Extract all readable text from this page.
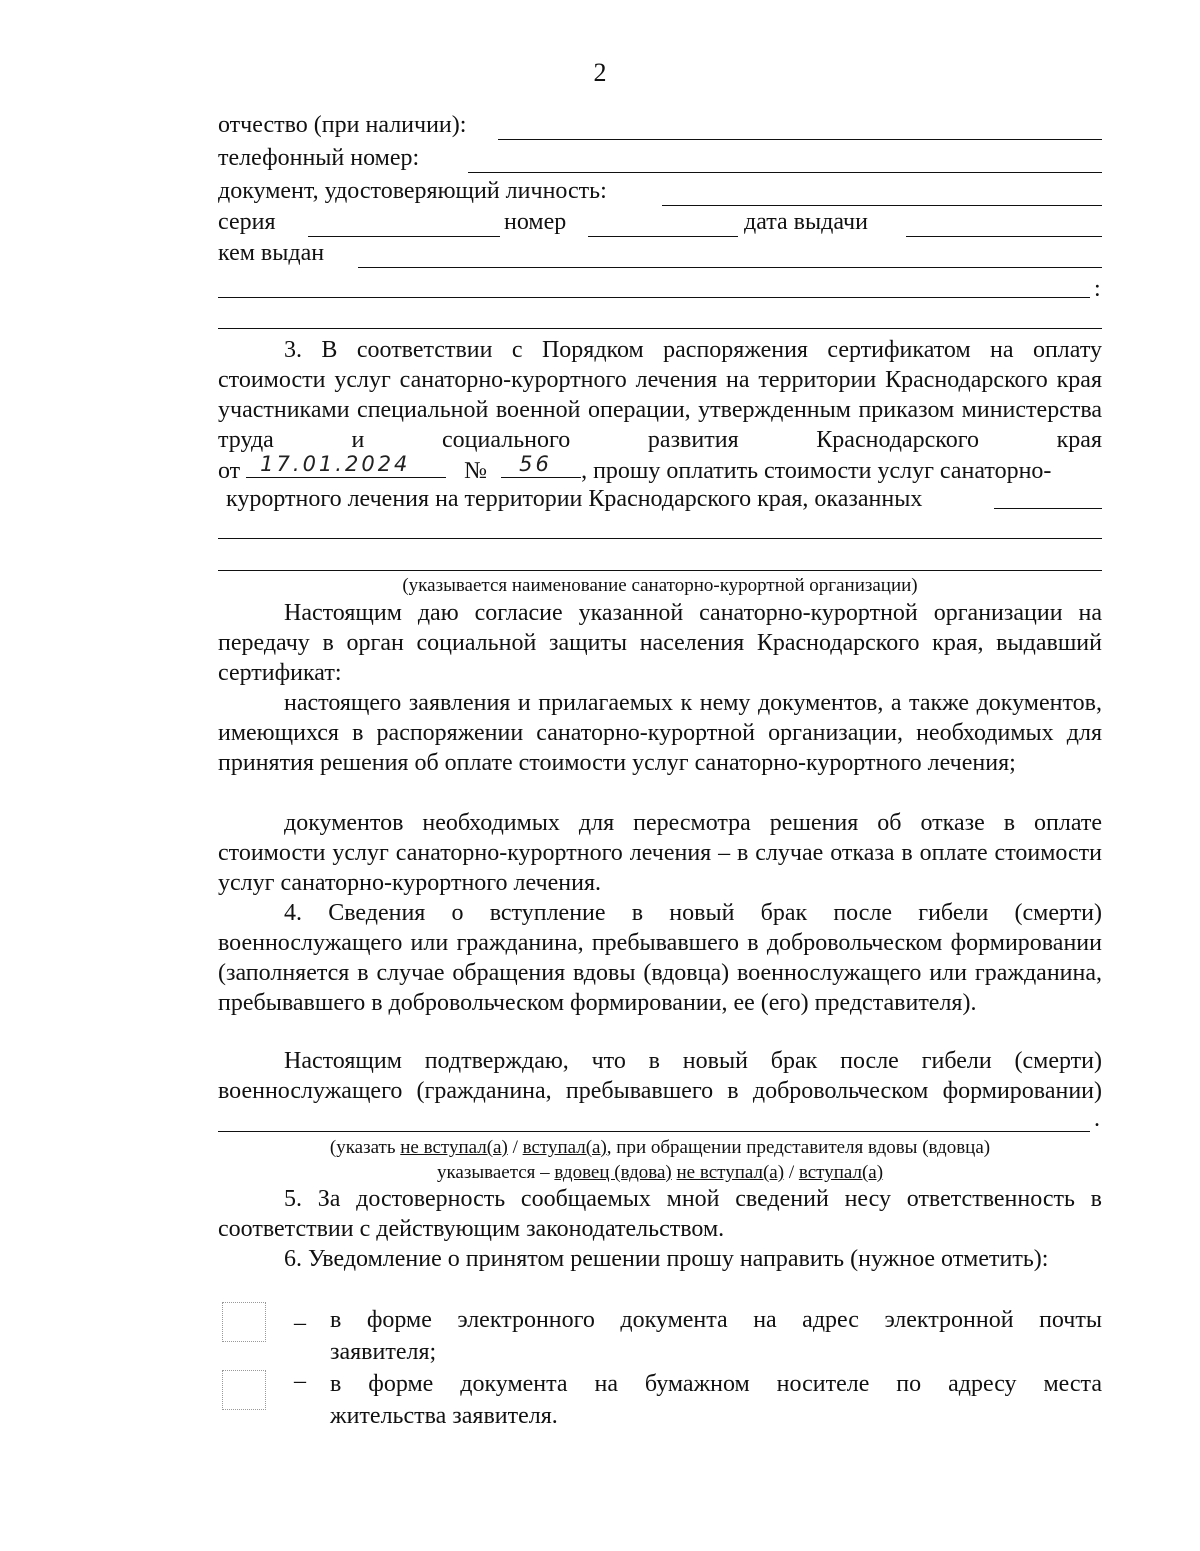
2
отчество (при наличии):
телефонный номер:
документ, удостоверяющий личность:
серия	номер	дата выдачи
кем выдан
:
3. В соответствии с Порядком распоряжения сертификатом на оплату стоимости услуг санаторно-курортного лечения на территории Краснодарского края участниками специальной военной операции, утвержденным приказом министерства труда и социального развития Краснодарского края
от 17.01.2024 № 56 , прошу оплатить стоимости услуг санаторно-
курортного лечения на территории Краснодарского края, оказанных
(указывается наименование санаторно-курортной организации)
Настоящим даю согласие указанной санаторно-курортной организации на передачу в орган социальной защиты населения Краснодарского края, выдавший сертификат:
настоящего заявления и прилагаемых к нему документов, а также документов, имеющихся в распоряжении санаторно-курортной организации, необходимых для принятия решения об оплате стоимости услуг санаторно-курортного лечения;
документов необходимых для пересмотра решения об отказе в оплате стоимости услуг санаторно-курортного лечения – в случае отказа в оплате стоимости услуг санаторно-курортного лечения.
4. Сведения о вступление в новый брак после гибели (смерти) военнослужащего или гражданина, пребывавшего в добровольческом формировании (заполняется в случае обращения вдовы (вдовца) военнослужащего или гражданина, пребывавшего в добровольческом формировании, ее (его) представителя).
Настоящим подтверждаю, что в новый брак после гибели (смерти) военнослужащего (гражданина, пребывавшего в добровольческом формировании)
.
(указать не вступал(а) / вступал(а), при обращении представителя вдовы (вдовца)
указывается – вдовец (вдова) не вступал(а) / вступал(а)
5. За достоверность сообщаемых мной сведений несу ответственность в соответствии с действующим законодательством.
6. Уведомление о принятом решении прошу направить (нужное отметить):
– в форме электронного документа на адрес электронной почты
заявителя;
– в форме документа на бумажном носителе по адресу места
жительства заявителя.
